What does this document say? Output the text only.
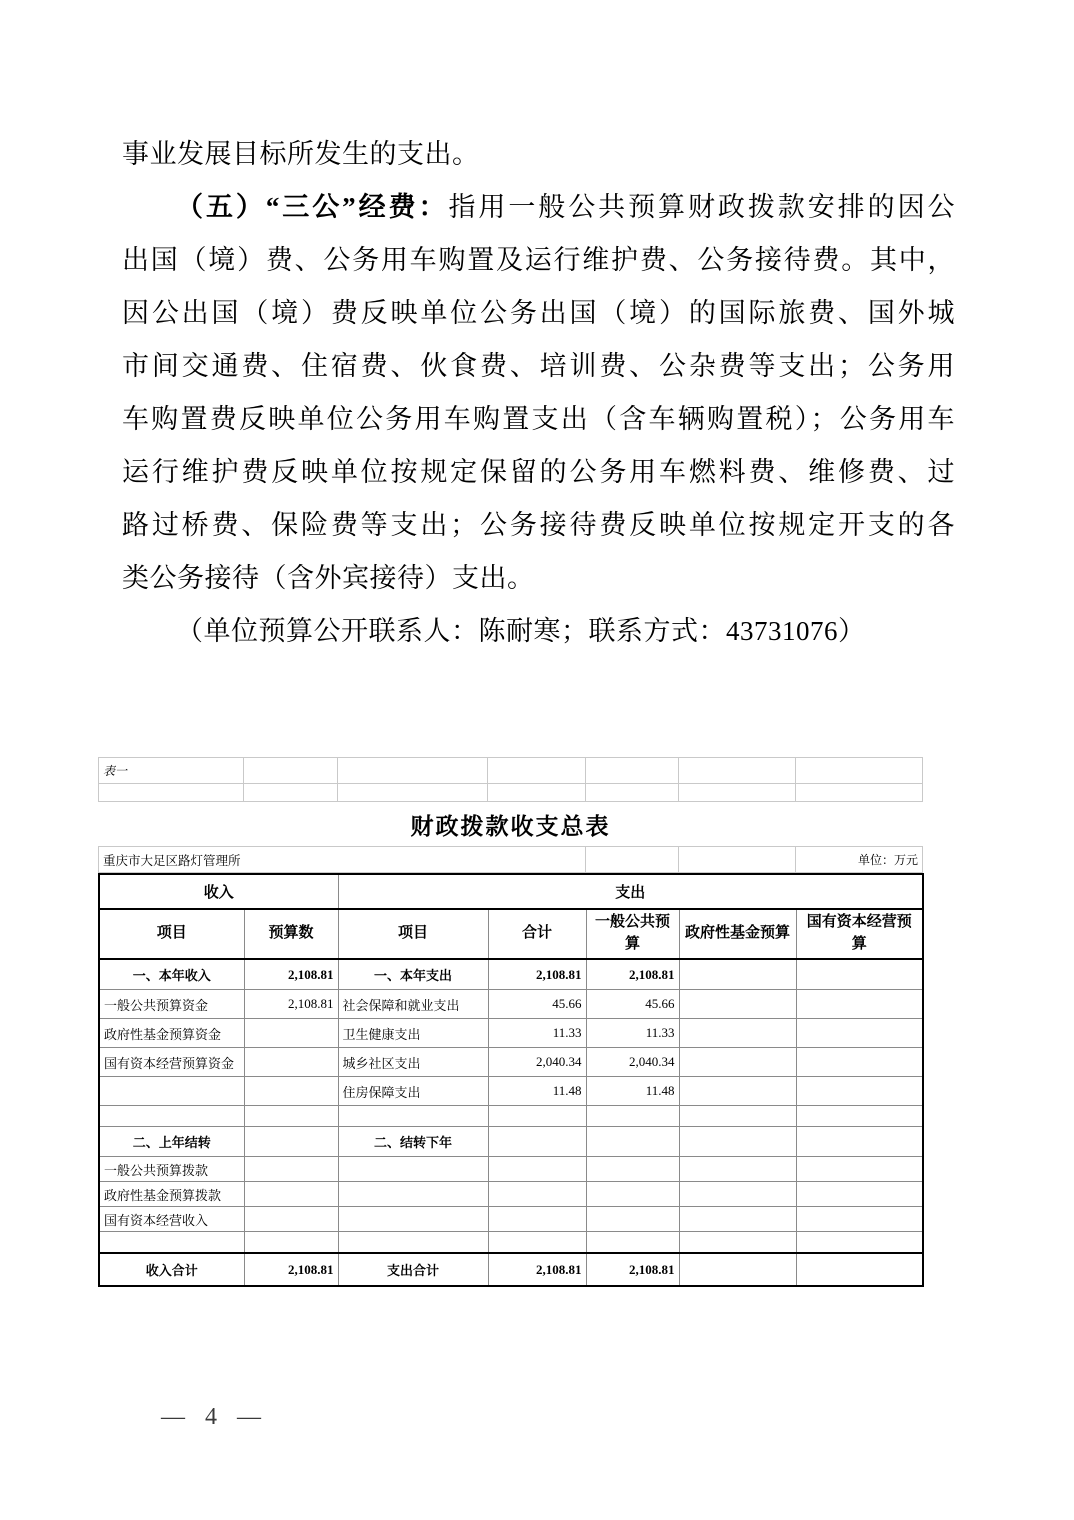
事业发展目标所发生的支出。
（五）“三公”经费：指用一般公共预算财政拨款安排的因公
出国（境）费、公务用车购置及运行维护费、公务接待费。其中，
因公出国（境）费反映单位公务出国（境）的国际旅费、国外城
市间交通费、住宿费、伙食费、培训费、公杂费等支出；公务用
车购置费反映单位公务用车购置支出（含车辆购置税）；公务用车
运行维护费反映单位按规定保留的公务用车燃料费、维修费、过
路过桥费、保险费等支出；公务接待费反映单位按规定开支的各
类公务接待（含外宾接待）支出。
（单位预算公开联系人：陈耐寒；联系方式：43731076）
表一						

财政拨款收支总表						
重庆市大足区路灯管理所						单位：万元
收入		支出				
项目	预算数	项目	合计	一般公共预算	政府性基金预算	国有资本经营预算
一、本年收入	2,108.81	一、本年支出	2,108.81	2,108.81		
一般公共预算资金	2,108.81	社会保障和就业支出	45.66	45.66		
政府性基金预算资金		卫生健康支出	11.33	11.33		
国有资本经营预算资金		城乡社区支出	2,040.34	2,040.34		
		住房保障支出	11.48	11.48		

二、上年结转		二、结转下年				
一般公共预算拨款						
政府性基金预算拨款						
国有资本经营收入						

收入合计	2,108.81	支出合计	2,108.81	2,108.81		
— 4 —
